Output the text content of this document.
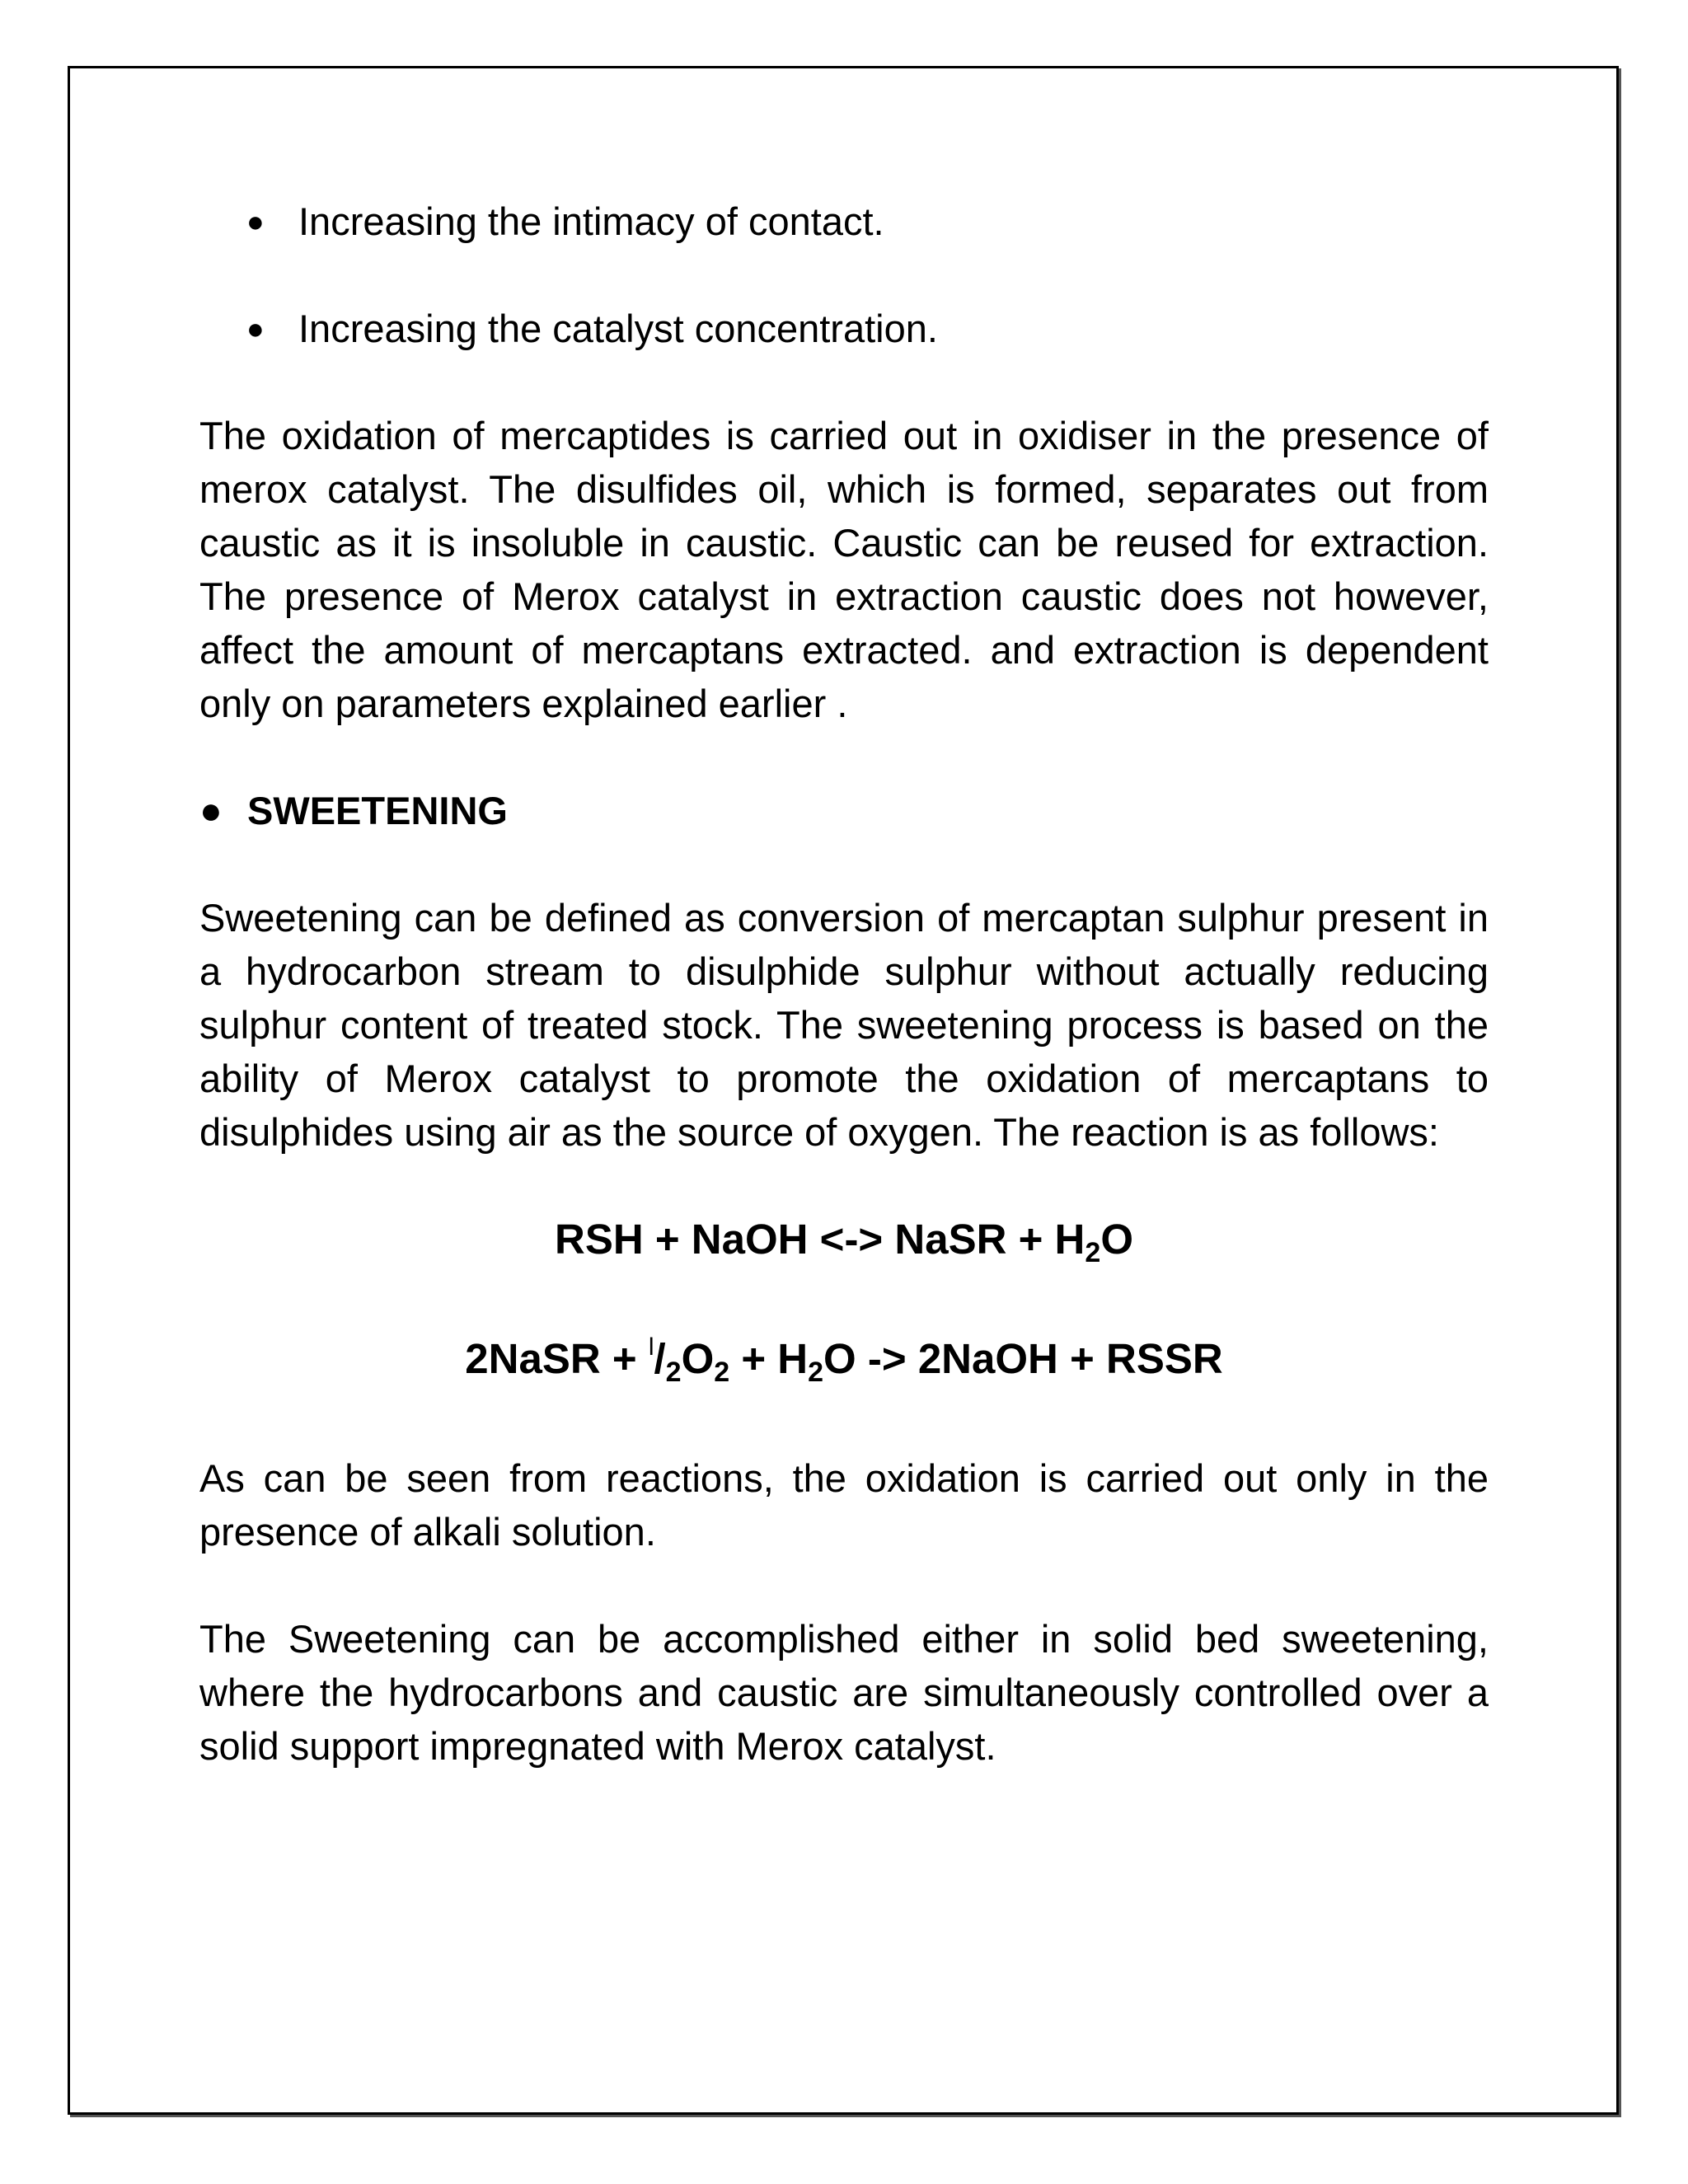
● Increasing the intimacy of contact.
● Increasing the catalyst concentration.

The oxidation of mercaptides is carried out in oxidiser in the presence of merox catalyst. The disulfides oil, which is formed, separates out from caustic as it is insoluble in caustic. Caustic can be reused for extraction. The presence of Merox catalyst in extraction caustic does not however, affect the amount of mercaptans extracted. and extraction is dependent only on parameters explained earlier .

● SWEETENING

Sweetening can be defined as conversion of mercaptan sulphur present in a hydrocarbon stream to disulphide sulphur without actually reducing sulphur content of treated stock. The sweetening process is based on the ability of Merox catalyst to promote the oxidation of mercaptans to disulphides using air as the source of oxygen. The reaction is as follows:

RSH + NaOH <-> NaSR + $H_2O$
2NaSR + $^l/_2O_2 + H_2O$ -> 2NaOH + RSSR

As can be seen from reactions, the oxidation is carried out only in the presence of alkali solution.

The Sweetening can be accomplished either in solid bed sweetening, where the hydrocarbons and caustic are simultaneously controlled over a solid support impregnated with Merox catalyst.
